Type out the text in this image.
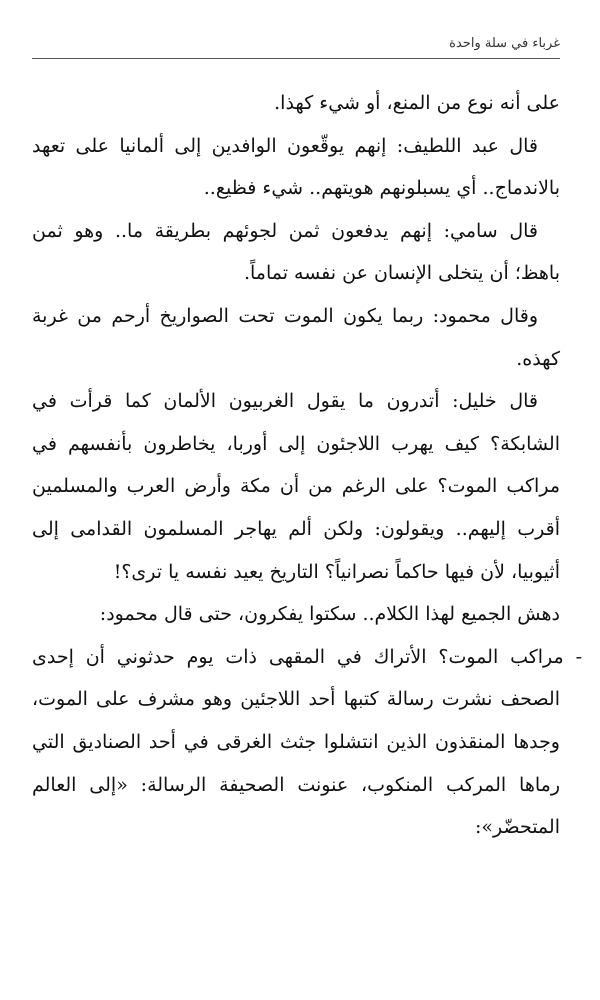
غرباء في سلة واحدة

على أنه نوع من المنع، أو شيء كهذا.

قال عبد اللطيف: إنهم يوقّعون الوافدين إلى ألمانيا على تعهد بالاندماج.. أي يسبلونهم هويتهم.. شيء فظيع..

قال سامي: إنهم يدفعون ثمن لجوئهم بطريقة ما.. وهو ثمن باهظ؛ أن يتخلى الإنسان عن نفسه تماماً.

وقال محمود: ربما يكون الموت تحت الصواريخ أرحم من غربة كهذه.

قال خليل: أتدرون ما يقول الغربيون الألمان كما قرأت في الشابكة؟ كيف يهرب اللاجئون إلى أوربا، يخاطرون بأنفسهم في مراكب الموت؟ على الرغم من أن مكة وأرض العرب والمسلمين أقرب إليهم.. ويقولون: ولكن ألم يهاجر المسلمون القدامى إلى أثيوبيا، لأن فيها حاكماً نصرانياً؟ التاريخ يعيد نفسه يا ترى؟!

دهش الجميع لهذا الكلام.. سكتوا يفكرون، حتى قال محمود:

- مراكب الموت؟ الأتراك في المقهى ذات يوم حدثوني أن إحدى الصحف نشرت رسالة كتبها أحد اللاجئين وهو مشرف على الموت، وجدها المنقذون الذين انتشلوا جثث الغرقى في أحد الصناديق التي رماها المركب المنكوب، عنونت الصحيفة الرسالة: «إلى العالم المتحضّر»:
